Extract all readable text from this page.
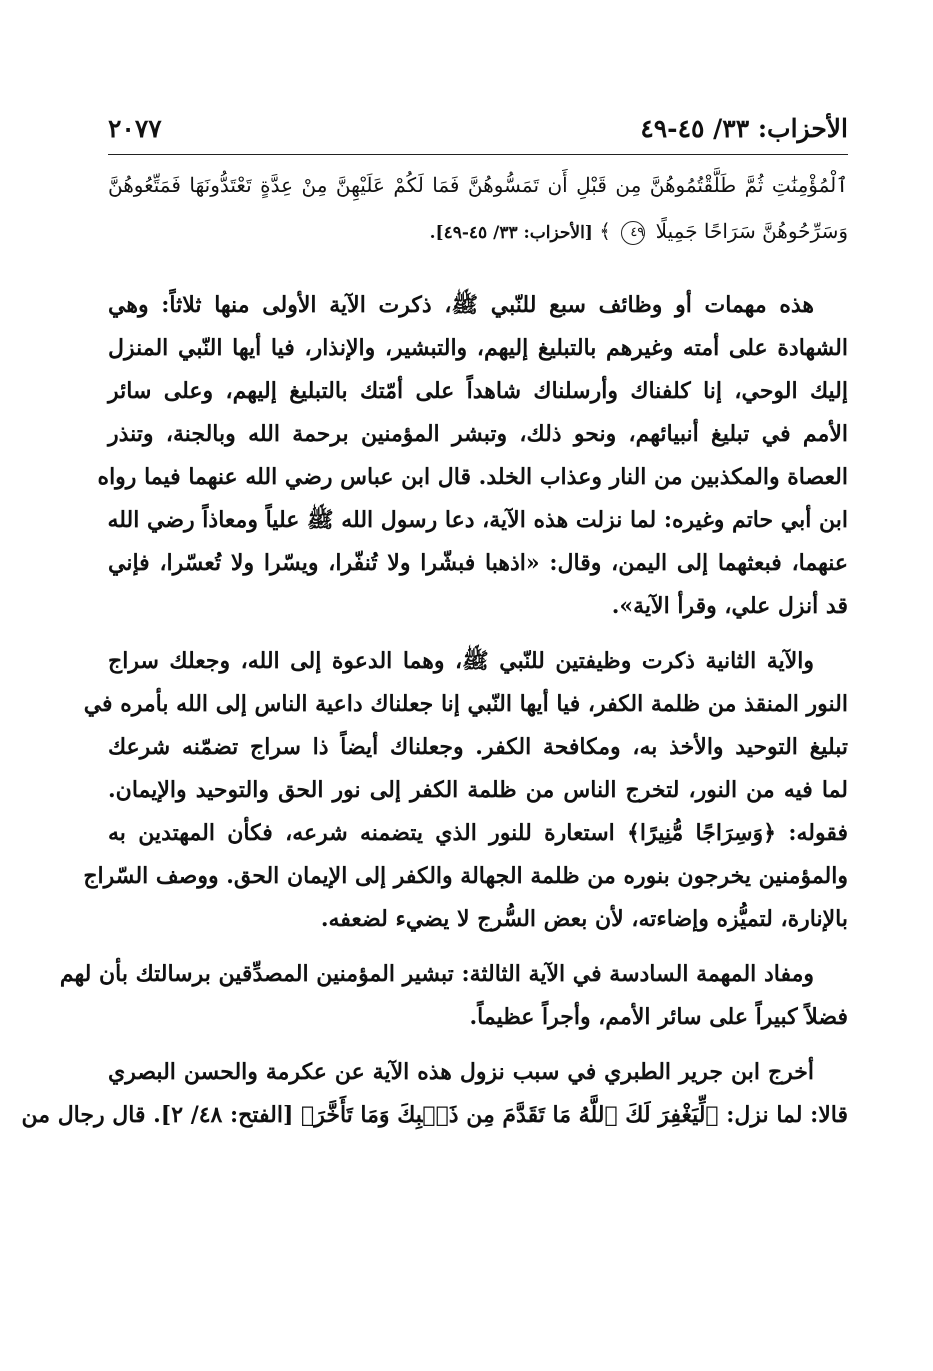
الأحزاب: ٣٣/ ٤٥-٤٩
٢٠٧٧
ٱلْمُؤْمِنَٰتِ ثُمَّ طَلَّقْتُمُوهُنَّ مِن قَبْلِ أَن تَمَسُّوهُنَّ فَمَا لَكُمْ عَلَيْهِنَّ مِنْ عِدَّةٍ تَعْتَدُّونَهَا فَمَتِّعُوهُنَّ
وَسَرِّحُوهُنَّ سَرَاحًا جَمِيلًا ٤٩ ﴾ [الأحزاب: ٣٣/ ٤٥-٤٩].
هذه مهمات أو وظائف سبع للنّبي ﷺ، ذكرت الآية الأولى منها ثلاثاً: وهي
الشهادة على أمته وغيرهم بالتبليغ إليهم، والتبشير، والإنذار، فيا أيها النّبي المنزل
إليك الوحي، إنا كلفناك وأرسلناك شاهداً على أمّتك بالتبليغ إليهم، وعلى سائر
الأمم في تبليغ أنبيائهم، ونحو ذلك، وتبشر المؤمنين برحمة الله وبالجنة، وتنذر
العصاة والمكذبين من النار وعذاب الخلد. قال ابن عباس رضي الله عنهما فيما رواه
ابن أبي حاتم وغيره: لما نزلت هذه الآية، دعا رسول الله ﷺ علياً ومعاذاً رضي الله
عنهما، فبعثهما إلى اليمن، وقال: «اذهبا فبشّرا ولا تُنفّرا، ويسّرا ولا تُعسّرا، فإني
قد أنزل علي، وقرأ الآية».
والآية الثانية ذكرت وظيفتين للنّبي ﷺ، وهما الدعوة إلى الله، وجعلك سراج
النور المنقذ من ظلمة الكفر، فيا أيها النّبي إنا جعلناك داعية الناس إلى الله بأمره في
تبليغ التوحيد والأخذ به، ومكافحة الكفر. وجعلناك أيضاً ذا سراج تضمّنه شرعك
لما فيه من النور، لتخرج الناس من ظلمة الكفر إلى نور الحق والتوحيد والإيمان.
فقوله: ﴿وَسِرَاجًا مُّنِيرًا﴾ استعارة للنور الذي يتضمنه شرعه، فكأن المهتدين به
والمؤمنين يخرجون بنوره من ظلمة الجهالة والكفر إلى الإيمان الحق. ووصف السّراج
بالإنارة، لتميُّزه وإضاءته، لأن بعض السُّرج لا يضيء لضعفه.
ومفاد المهمة السادسة في الآية الثالثة: تبشير المؤمنين المصدِّقين برسالتك بأن لهم
فضلاً كبيراً على سائر الأمم، وأجراً عظيماً.
أخرج ابن جرير الطبري في سبب نزول هذه الآية عن عكرمة والحسن البصري
قالا: لما نزل: ﴿لِّيَغْفِرَ لَكَ ٱللَّهُ مَا تَقَدَّمَ مِن ذَنۢبِكَ وَمَا تَأَخَّرَ﴾ [الفتح: ٤٨/ ٢]. قال رجال من
